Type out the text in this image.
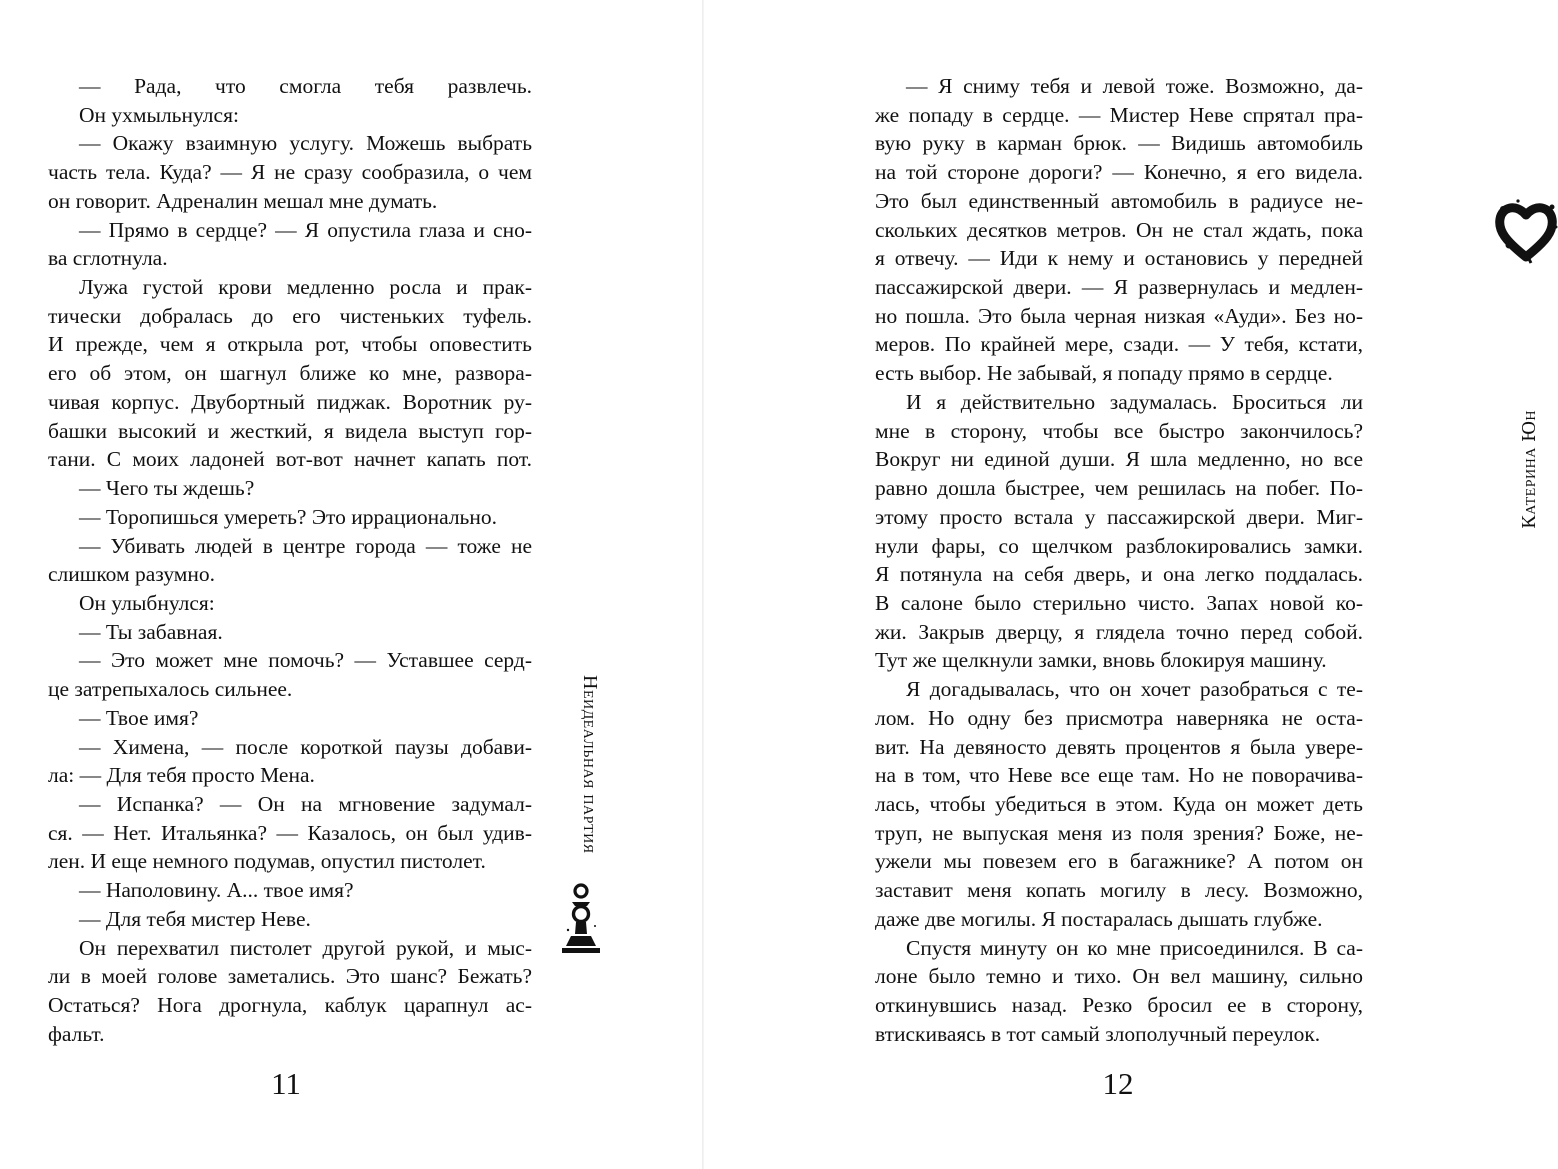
— Рада, что смогла тебя развлечь.
Он ухмыльнулся:
— Окажу взаимную услугу. Можешь выбрать
часть тела. Куда? — Я не сразу сообразила, о чем
он говорит. Адреналин мешал мне думать.
— Прямо в сердце? — Я опустила глаза и сно-
ва сглотнула.
Лужа густой крови медленно росла и прак-
тически добралась до его чистеньких туфель.
И прежде, чем я открыла рот, чтобы оповестить
его об этом, он шагнул ближе ко мне, развора-
чивая корпус. Двубортный пиджак. Воротник ру-
башки высокий и жесткий, я видела выступ гор-
тани. С моих ладоней вот-вот начнет капать пот.
— Чего ты ждешь?
— Торопишься умереть? Это иррационально.
— Убивать людей в центре города — тоже не
слишком разумно.
Он улыбнулся:
— Ты забавная.
— Это может мне помочь? — Уставшее серд-
це затрепыхалось сильнее.
— Твое имя?
— Химена, — после короткой паузы добави-
ла: — Для тебя просто Мена.
— Испанка? — Он на мгновение задумал-
ся. — Нет. Итальянка? — Казалось, он был удив-
лен. И еще немного подумав, опустил пистолет.
— Наполовину. А... твое имя?
— Для тебя мистер Неве.
Он перехватил пистолет другой рукой, и мыс-
ли в моей голове заметались. Это шанс? Бежать?
Остаться? Нога дрогнула, каблук царапнул ас-
фальт.
Неидеальная партия
11
Катерина Юн
— Я сниму тебя и левой тоже. Возможно, да-
же попаду в сердце. — Мистер Неве спрятал пра-
вую руку в карман брюк. — Видишь автомобиль
на той стороне дороги? — Конечно, я его видела.
Это был единственный автомобиль в радиусе не-
скольких десятков метров. Он не стал ждать, пока
я отвечу. — Иди к нему и остановись у передней
пассажирской двери. — Я развернулась и медлен-
но пошла. Это была черная низкая «Ауди». Без но-
меров. По крайней мере, сзади. — У тебя, кстати,
есть выбор. Не забывай, я попаду прямо в сердце.
И я действительно задумалась. Броситься ли
мне в сторону, чтобы все быстро закончилось?
Вокруг ни единой души. Я шла медленно, но все
равно дошла быстрее, чем решилась на побег. По-
этому просто встала у пассажирской двери. Миг-
нули фары, со щелчком разблокировались замки.
Я потянула на себя дверь, и она легко поддалась.
В салоне было стерильно чисто. Запах новой ко-
жи. Закрыв дверцу, я глядела точно перед собой.
Тут же щелкнули замки, вновь блокируя машину.
Я догадывалась, что он хочет разобраться с те-
лом. Но одну без присмотра наверняка не оста-
вит. На девяносто девять процентов я была увере-
на в том, что Неве все еще там. Но не поворачива-
лась, чтобы убедиться в этом. Куда он может деть
труп, не выпуская меня из поля зрения? Боже, не-
ужели мы повезем его в багажнике? А потом он
заставит меня копать могилу в лесу. Возможно,
даже две могилы. Я постаралась дышать глубже.
Спустя минуту он ко мне присоединился. В са-
лоне было темно и тихо. Он вел машину, сильно
откинувшись назад. Резко бросил ее в сторону,
втискиваясь в тот самый злополучный переулок.
12
